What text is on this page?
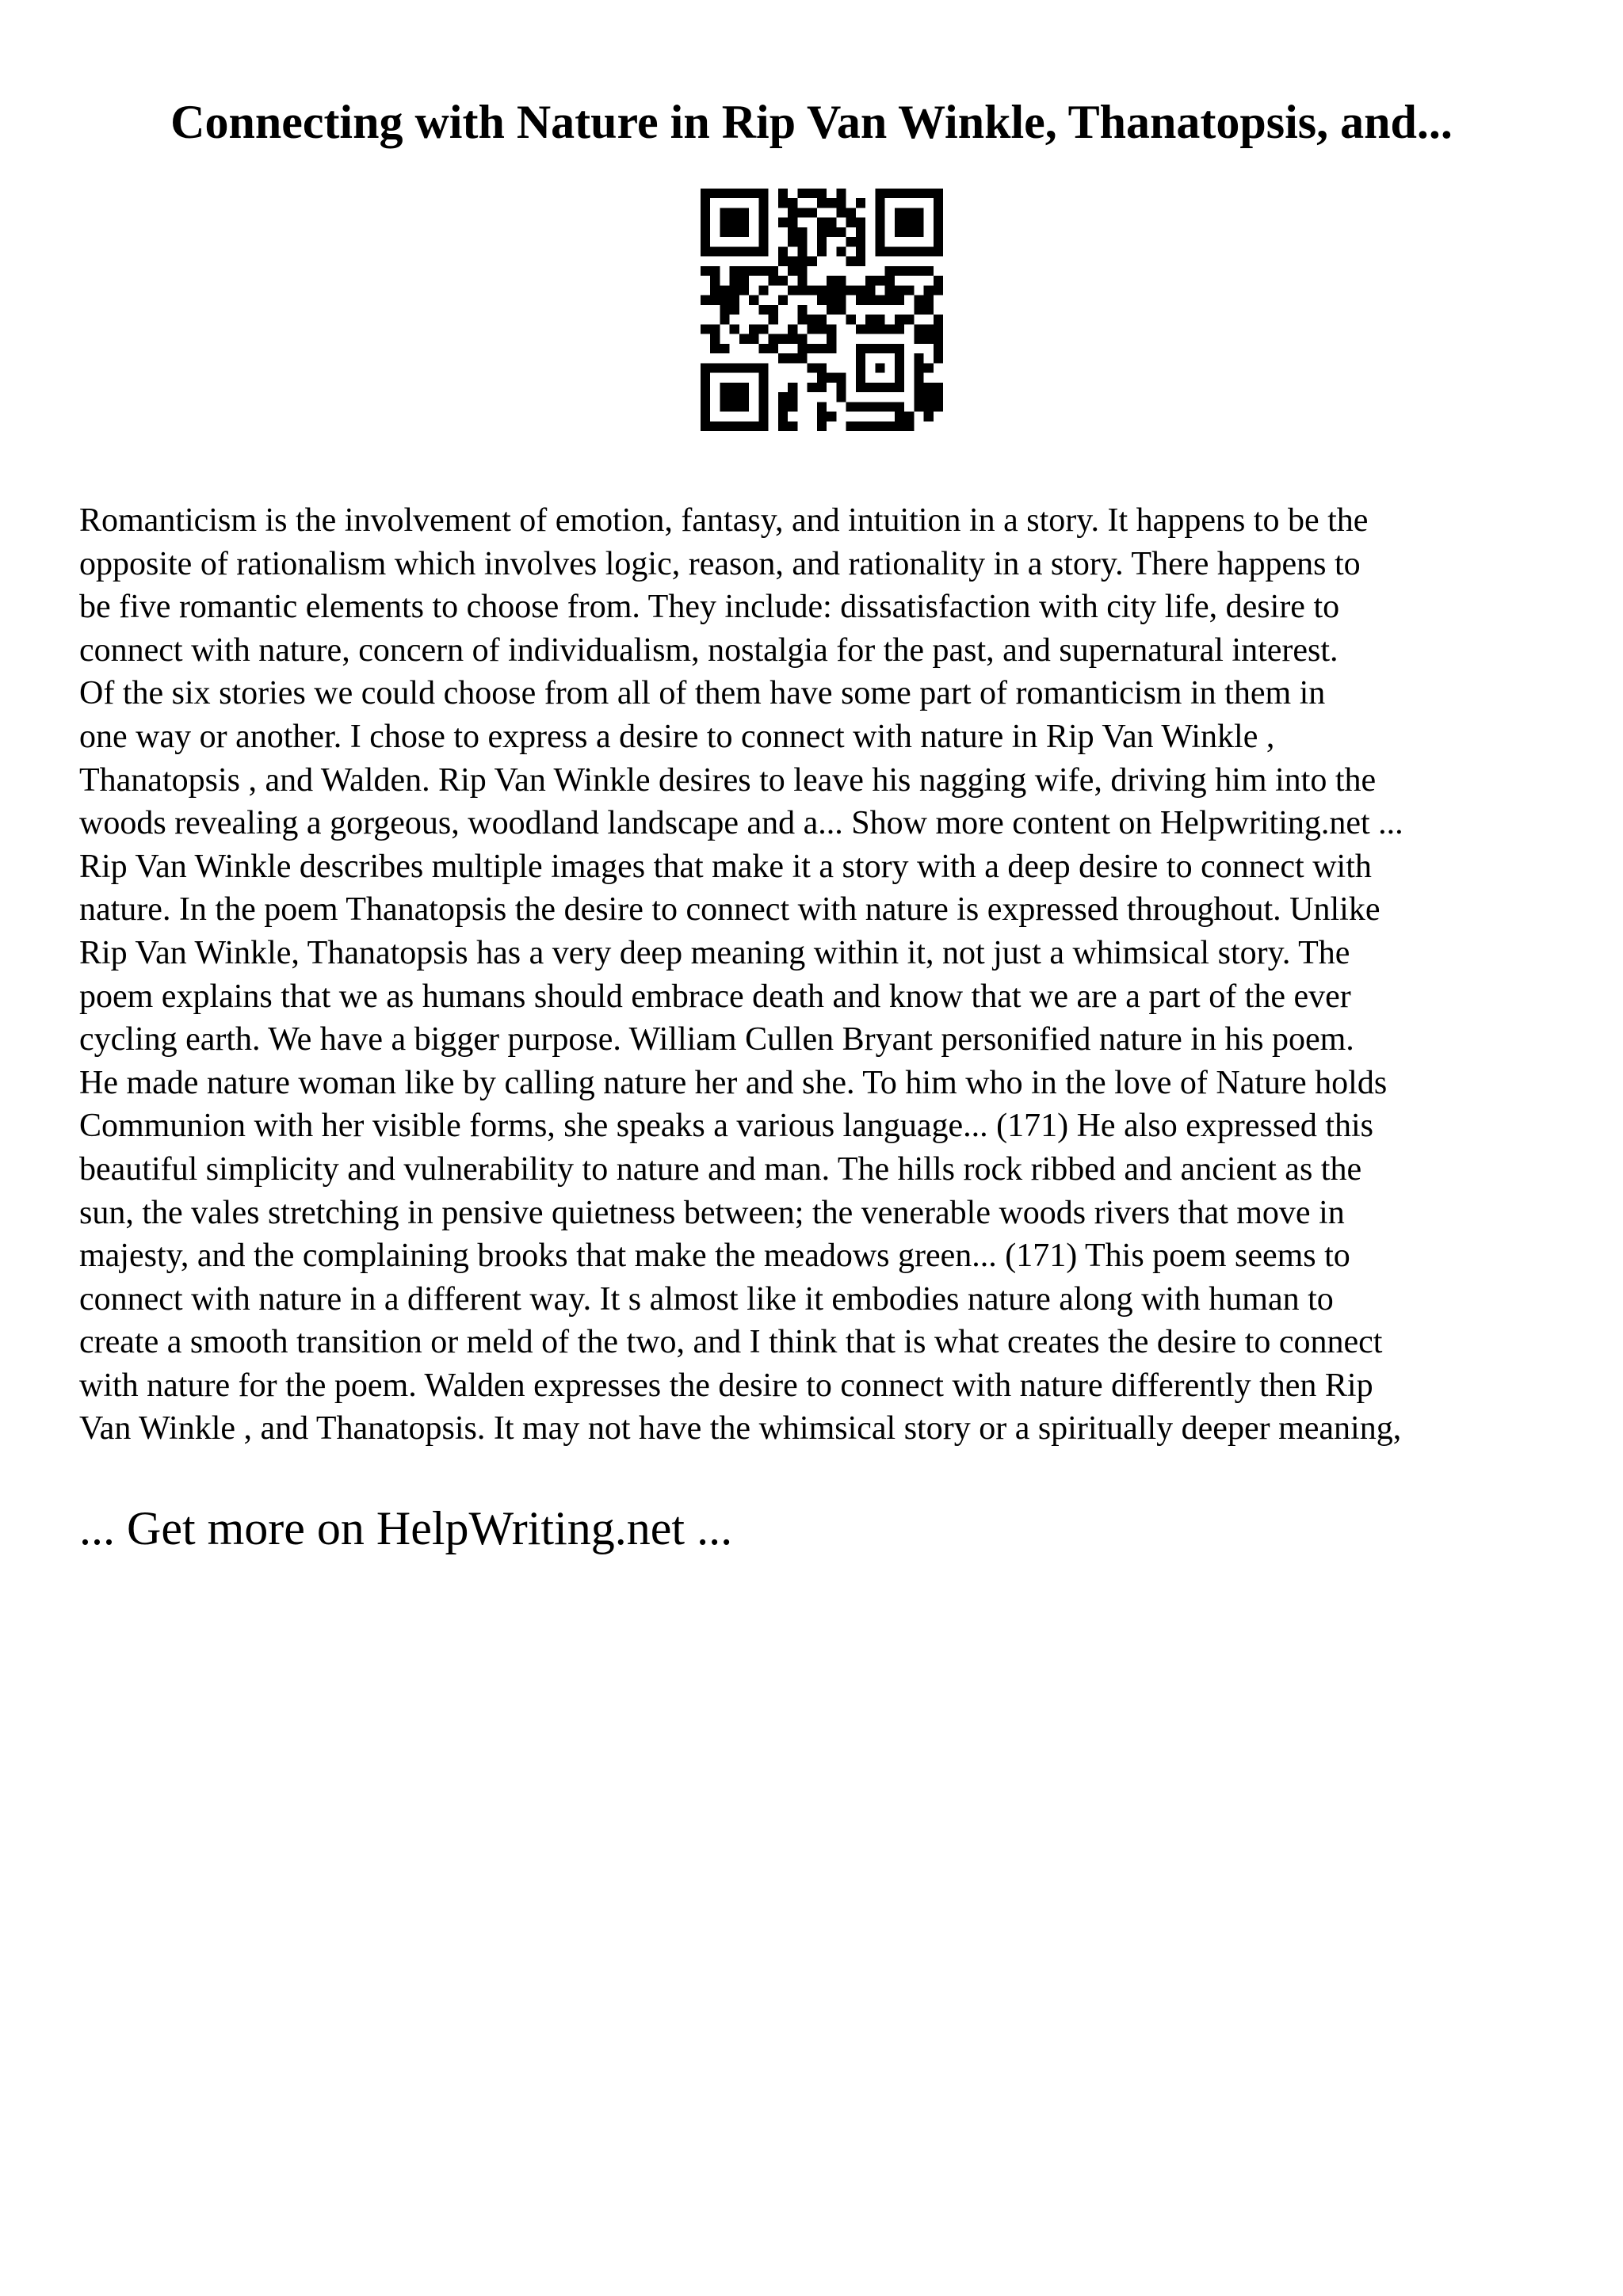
Connecting with Nature in Rip Van Winkle, Thanatopsis, and...
Romanticism is the involvement of emotion, fantasy, and intuition in a story. It happens to be the
opposite of rationalism which involves logic, reason, and rationality in a story. There happens to
be five romantic elements to choose from. They include: dissatisfaction with city life, desire to
connect with nature, concern of individualism, nostalgia for the past, and supernatural interest.
Of the six stories we could choose from all of them have some part of romanticism in them in
one way or another. I chose to express a desire to connect with nature in Rip Van Winkle ,
Thanatopsis , and Walden. Rip Van Winkle desires to leave his nagging wife, driving him into the
woods revealing a gorgeous, woodland landscape and a... Show more content on Helpwriting.net ...
Rip Van Winkle describes multiple images that make it a story with a deep desire to connect with
nature. In the poem Thanatopsis the desire to connect with nature is expressed throughout. Unlike
Rip Van Winkle, Thanatopsis has a very deep meaning within it, not just a whimsical story. The
poem explains that we as humans should embrace death and know that we are a part of the ever
cycling earth. We have a bigger purpose. William Cullen Bryant personified nature in his poem.
He made nature woman like by calling nature her and she. To him who in the love of Nature holds
Communion with her visible forms, she speaks a various language... (171) He also expressed this
beautiful simplicity and vulnerability to nature and man. The hills rock ribbed and ancient as the
sun, the vales stretching in pensive quietness between; the venerable woods rivers that move in
majesty, and the complaining brooks that make the meadows green... (171) This poem seems to
connect with nature in a different way. It s almost like it embodies nature along with human to
create a smooth transition or meld of the two, and I think that is what creates the desire to connect
with nature for the poem. Walden expresses the desire to connect with nature differently then Rip
Van Winkle , and Thanatopsis. It may not have the whimsical story or a spiritually deeper meaning,
... Get more on HelpWriting.net ...
